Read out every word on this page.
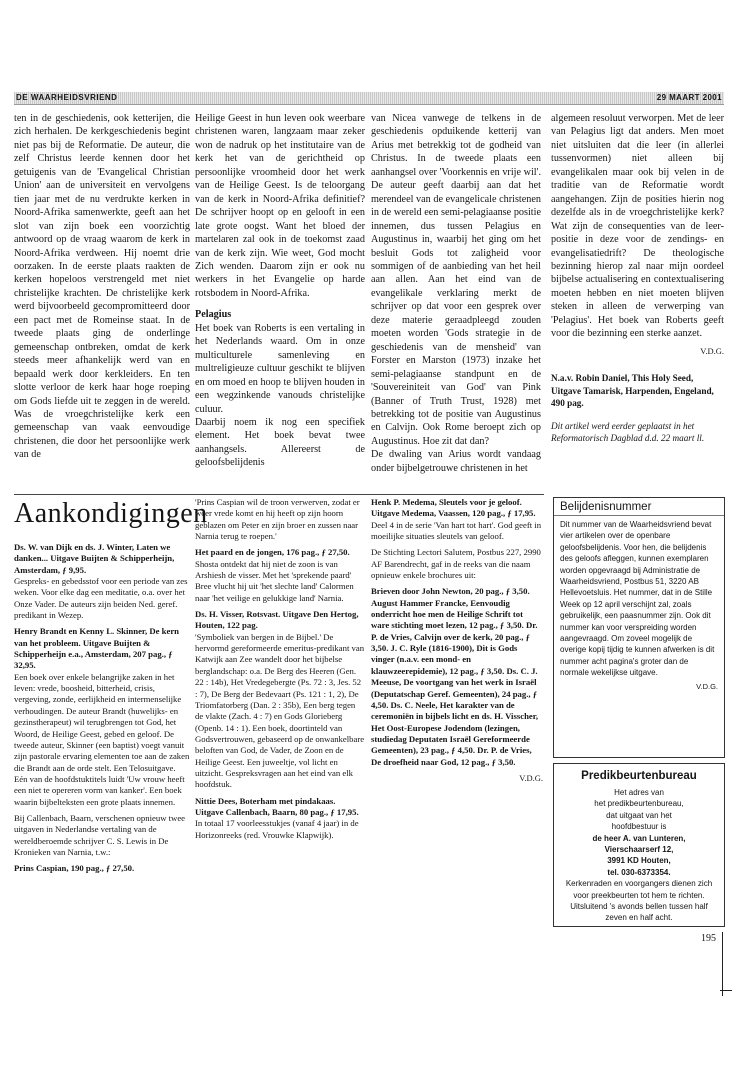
DE WAARHEIDSVRIEND	29 MAART 2001

ten in de geschiedenis, ook ketterijen, die zich herhalen. De kerkgeschiedenis begint niet pas bij de Reformatie. De auteur, die zelf Christus leerde kennen door het getuigenis van de 'Evangelical Christian Union' aan de universiteit en vervolgens tien jaar met de nu verdrukte kerken in Noord-Afrika samenwerkte, geeft aan het slot van zijn boek een voorzichtig antwoord op de vraag waarom de kerk in Noord-Afrika verdween. Hij noemt drie oorzaken. In de eerste plaats raakten de kerken hopeloos verstrengeld met niet christelijke krachten. De christelijke kerk werd bijvoorbeeld gecompromitteerd door een pact met de Romeinse staat. In de tweede plaats ging de onderlinge gemeenschap ontbreken, omdat de kerk steeds meer afhankelijk werd van en bepaald werk door kerkleiders. En ten slotte verloor de kerk haar hoge roeping om Gods liefde uit te zeggen in de wereld. Was de vroegchristelijke kerk een gemeenschap van vaak eenvoudige christenen, die door het persoonlijke werk van de

Heilige Geest in hun leven ook weerbare christenen waren, langzaam maar zeker won de nadruk op het institutaire van de kerk het van de gerichtheid op persoonlijke vroomheid door het werk van de Heilige Geest. Is de teloorgang van de kerk in Noord-Afrika definitief? De schrijver hoopt op en gelooft in een late grote oogst. Want het bloed der martelaren zal ook in de toekomst zaad van de kerk zijn. Wie weet, God mocht Zich wenden. Daarom zijn er ook nu werkers in het Evangelie op harde rotsbodem in Noord-Afrika.

Pelagius

Het boek van Roberts is een vertaling in het Nederlands waard. Om in onze multiculturele samenleving en multreligieuze cultuur geschikt te blijven en om moed en hoop te blijven houden in een wegzinkende vanouds christelijke culuur.

Daarbij noem ik nog een specifiek element. Het boek bevat twee aanhangsels. Allereerst de geloofsbelijdenis

van Nicea vanwege de telkens in de geschiedenis opduikende ketterij van Arius met betrekkig tot de godheid van Christus. In de tweede plaats een aanhangsel over 'Voorkennis en vrije wil'. De auteur geeft daarbij aan dat het merendeel van de evangelicale christenen in de wereld een semi-pelagiaanse positie innemen, dus tussen Pelagius en Augustinus in, waarbij het ging om het besluit Gods tot zaligheid voor sommigen of de aanbieding van het heil aan allen. Aan het eind van de evangelikale verklaring merkt de schrijver op dat voor een gesprek over deze materie geraadpleegd zouden moeten worden 'Gods strategie in de geschiedenis van de mensheid' van Forster en Marston (1973) inzake het semi-pelagiaanse standpunt en de 'Souvereiniteit van God' van Pink (Banner of Truth Trust, 1928) met betrekking tot de positie van Augustinus en Calvijn. Ook Rome beroept zich op Augustinus. Hoe zit dat dan?

De dwaling van Arius wordt vandaag onder bijbelgetrouwe christenen in het

algemeen resoluut verworpen. Met de leer van Pelagius ligt dat anders. Men moet niet uitsluiten dat die leer (in allerlei tussenvormen) niet alleen bij evangelikalen maar ook bij velen in de traditie van de Reformatie wordt aangehangen. Zijn de posities hierin nog dezelfde als in de vroegchristelijke kerk? Wat zijn de consequenties van de leer-positie in deze voor de zendings- en evangelisatiedrift? De theologische bezinning hierop zal naar mijn oordeel bijbelse actualisering en contextualisering moeten hebben en niet moeten blijven steken in alleen de verwerping van 'Pelagius'. Het boek van Roberts geeft voor die bezinning een sterke aanzet.

V.D.G.
N.a.v. Robin Daniel, This Holy Seed, Uitgave Tamarisk, Harpenden, Engeland, 490 pag.
Dit artikel werd eerder geplaatst in het Reformatorisch Dagblad d.d. 22 maart ll.
Aankondigingen

Ds. W. van Dijk en ds. J. Winter, Laten we danken... Uitgave Buijten & Schipperheijn, Amsterdam, ƒ 9,95.
Gespreks- en gebedsstof voor een periode van zes weken. Voor elke dag een meditatie, o.a. over het Onze Vader. De auteurs zijn beiden Ned. geref. predikant in Wezep.

Henry Brandt en Kenny L. Skinner, De kern van het probleem. Uitgave Buijten & Schipperheijn e.a., Amsterdam, 207 pag., ƒ 32,95.
Een boek over enkele belangrijke zaken in het leven: vrede, boosheid, bitterheid, crisis, vergeving, zonde, eerlijkheid en intermenselijke verhoudingen. De auteur Brandt (huwelijks- en gezinstherapeut) wil terugbrengen tot God, het Woord, de Heilige Geest, gebed en geloof. De tweede auteur, Skinner (een baptist) voegt vanuit zijn pastorale ervaring elementen toe aan de zaken die Brandt aan de orde stelt. Een Telosuitgave. Eén van de hoofdstuktitels luidt 'Uw vrouw heeft een niet te opereren vorm van kanker'. Een boek waarin bijbelteksten een grote plaats innemen.

Bij Callenbach, Baarn, verschenen opnieuw twee uitgaven in Nederlandse vertaling van de wereldberoemde schrijver C. S. Lewis in De Kronieken van Narnia, t.w.:

Prins Caspian, 190 pag., ƒ 27,50.

'Prins Caspian wil de troon verwerven, zodat er weer vrede komt en hij heeft op zijn hoorn geblazen om Peter en zijn broer en zussen naar Narnia terug te roepen.'

Het paard en de jongen, 176 pag., ƒ 27,50.
Shosta ontdekt dat hij niet de zoon is van Arshiesh de visser. Met het 'sprekende paard' Bree vlucht hij uit 'het slechte land' Calormen naar 'het veilige en gelukkige land' Narnia.

Ds. H. Visser, Rotsvast. Uitgave Den Hertog, Houten, 122 pag.
'Symboliek van bergen in de Bijbel.' De hervormd gereformeerde emeritus-predikant van Katwijk aan Zee wandelt door het bijbelse berglandschap: o.a. De Berg des Heeren (Gen. 22 : 14b), Het Vredegebergte (Ps. 72 : 3, Jes. 52 : 7), De Berg der Bedevaart (Ps. 121 : 1, 2), De Triomfatorberg (Dan. 2 : 35b), Een berg tegen de vlakte (Zach. 4 : 7) en Gods Glorieberg (Openb. 14 : 1). Een boek, doortinteld van Godsvertrouwen, gebaseerd op de onwankelbare beloften van God, de Vader, de Zoon en de Heilige Geest. Een juweeltje, vol licht en uitzicht. Gespreksvragen aan het eind van elk hoofdstuk.

Nittie Dees, Boterham met pindakaas. Uitgave Callenbach, Baarn, 80 pag., ƒ 17,95.
In totaal 17 voorleesstukjes (vanaf 4 jaar) in de Horizonreeks (red. Vrouwke Klapwijk).

Henk P. Medema, Sleutels voor je geloof. Uitgave Medema, Vaassen, 120 pag., ƒ 17,95.
Deel 4 in de serie 'Van hart tot hart'. God geeft in moeilijke situaties sleutels van geloof.

De Stichting Lectori Salutem, Postbus 227, 2990 AF Barendrecht, gaf in de reeks van die naam opnieuw enkele brochures uit:

Brieven door John Newton, 20 pag., ƒ 3,50. August Hammer Francke, Eenvoudig onderricht hoe men de Heilige Schrift tot ware stichting moet lezen, 12 pag., ƒ 3,50. Dr. P. de Vries, Calvijn over de kerk, 20 pag., ƒ 3,50. J. C. Ryle (1816-1900), Dit is Gods vinger (n.a.v. een mond- en klauwzeerepidemie), 12 pag., ƒ 3,50. Ds. C. J. Meeuse, De voortgang van het werk in Israël (Deputatschap Geref. Gemeenten), 24 pag., ƒ 4,50. Ds. C. Neele, Het karakter van de ceremoniën in bijbels licht en ds. H. Visscher, Het Oost-Europese Jodendom (lezingen, studiedag Deputaten Israël Gereformeerde Gemeenten), 23 pag., ƒ 4,50. Dr. P. de Vries, De droefheid naar God, 12 pag., ƒ 3,50.

V.D.G.
Belijdenisnummer
Dit nummer van de Waarheidsvriend bevat vier artikelen over de openbare geloofsbelijdenis. Voor hen, die belijdenis des geloofs afleggen, kunnen exemplaren worden opgevraagd bij Administratie de Waarheidsvriend, Postbus 51, 3220 AB Hellevoetsluis. Het nummer, dat in de Stille Week op 12 april verschijnt zal, zoals gebruikelijk, een paasnummer zijn. Ook dit nummer kan voor verspreiding worden aangevraagd. Om zoveel mogelijk de overige kopij tijdig te kunnen afwerken is dit nummer acht pagina's groter dan de normale wekelijkse uitgave.
V.D.G.
Predikbeurtenbureau
Het adres van
het predikbeurtenbureau,
dat uitgaat van het
hoofdbestuur is
de heer A. van Lunteren,
Vierschaarserf 12,
3991 KD Houten,
tel. 030-6373354.
Kerkenraden en voorgangers dienen zich voor preekbeurten tot hem te richten. Uitsluitend 's avonds bellen tussen half zeven en half acht.
195
